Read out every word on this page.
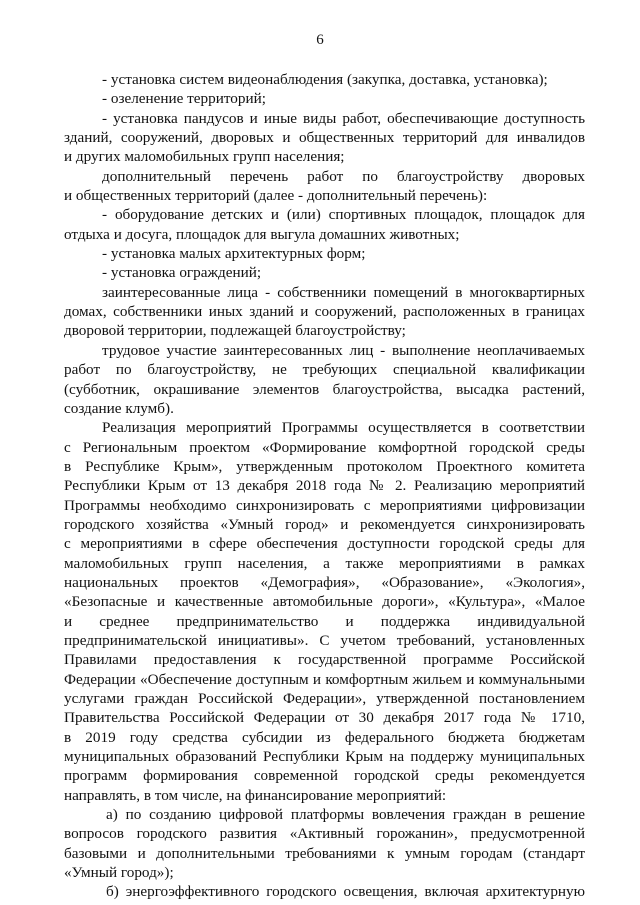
6
- установка систем видеонаблюдения (закупка, доставка, установка);
- озеленение территорий;
- установка пандусов и иные виды работ, обеспечивающие доступность
зданий, сооружений, дворовых и общественных территорий для инвалидов
и других маломобильных групп населения;
дополнительный перечень работ по благоустройству дворовых
и общественных территорий (далее - дополнительный перечень):
- оборудование детских и (или) спортивных площадок, площадок для
отдыха и досуга, площадок для выгула домашних животных;
- установка малых архитектурных форм;
- установка ограждений;
заинтересованные лица - собственники помещений в многоквартирных
домах, собственники иных зданий и сооружений, расположенных в границах
дворовой территории, подлежащей благоустройству;
трудовое участие заинтересованных лиц - выполнение неоплачиваемых
работ по благоустройству, не требующих специальной квалификации
(субботник, окрашивание элементов благоустройства, высадка растений,
создание клумб).
Реализация мероприятий Программы осуществляется в соответствии
с Региональным проектом «Формирование комфортной городской среды
в Республике Крым», утвержденным протоколом Проектного комитета
Республики Крым от 13 декабря 2018 года № 2. Реализацию мероприятий
Программы необходимо синхронизировать с мероприятиями цифровизации
городского хозяйства «Умный город» и рекомендуется синхронизировать
с мероприятиями в сфере обеспечения доступности городской среды для
маломобильных групп населения, а также мероприятиями в рамках
национальных проектов «Демография», «Образование», «Экология»,
«Безопасные и качественные автомобильные дороги», «Культура», «Малое
и среднее предпринимательство и поддержка индивидуальной
предпринимательской инициативы». С учетом требований, установленных
Правилами предоставления к государственной программе Российской
Федерации «Обеспечение доступным и комфортным жильем и коммунальными
услугами граждан Российской Федерации», утвержденной постановлением
Правительства Российской Федерации от 30 декабря 2017 года № 1710,
в 2019 году средства субсидии из федерального бюджета бюджетам
муниципальных образований Республики Крым на поддержу муниципальных
программ формирования современной городской среды рекомендуется
направлять, в том числе, на финансирование мероприятий:
а) по созданию цифровой платформы вовлечения граждан в решение
вопросов городского развития «Активный горожанин», предусмотренной
базовыми и дополнительными требованиями к умным городам (стандарт
«Умный город»);
б) энергоэффективного городского освещения, включая архитектурную
